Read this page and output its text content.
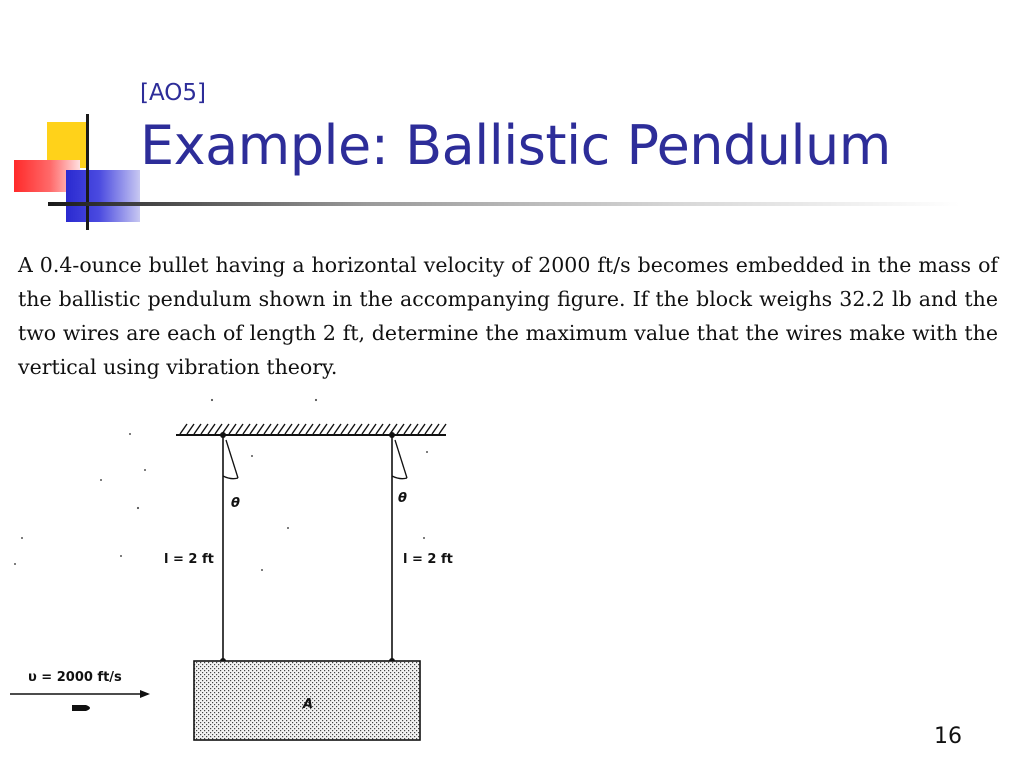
[AO5]
Example: Ballistic Pendulum

A 0.4-ounce bullet having a horizontal velocity of 2000 ft/s becomes embedded in the mass of the ballistic pendulum shown in the accompanying figure. If the block weighs 32.2 lb and the two wires are each of length 2 ft, determine the maximum value that the wires make with the vertical using vibration theory.

θ	θ
l = 2 ft	l = 2 ft
A
υ = 2000 ft/s
16
